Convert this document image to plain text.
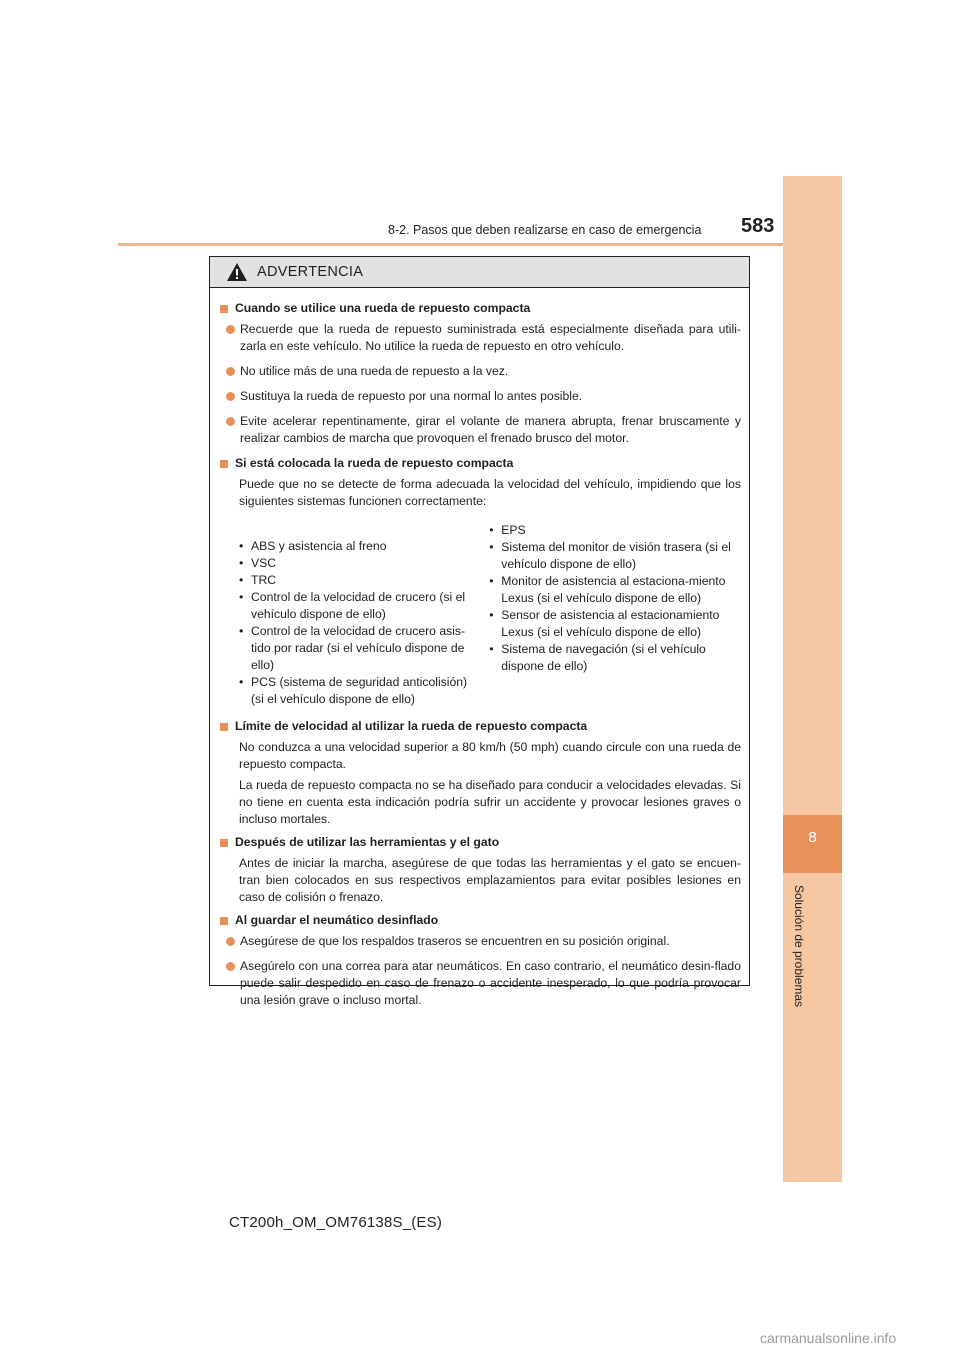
8
Solución de problemas
8-2. Pasos que deben realizarse en caso de emergencia 583
ADVERTENCIA
Cuando se utilice una rueda de repuesto compacta
Recuerde que la rueda de repuesto suministrada está especialmente diseñada para utili-zarla en este vehículo. No utilice la rueda de repuesto en otro vehículo.
No utilice más de una rueda de repuesto a la vez.
Sustituya la rueda de repuesto por una normal lo antes posible.
Evite acelerar repentinamente, girar el volante de manera abrupta, frenar bruscamente y realizar cambios de marcha que provoquen el frenado brusco del motor.
Si está colocada la rueda de repuesto compacta
Puede que no se detecte de forma adecuada la velocidad del vehículo, impidiendo que los siguientes sistemas funcionen correctamente:
• ABS y asistencia al freno
• VSC
• TRC
• Control de la velocidad de crucero (si el vehículo dispone de ello)
• Control de la velocidad de crucero asis-tido por radar (si el vehículo dispone de ello)
• PCS (sistema de seguridad anticolisión) (si el vehículo dispone de ello)
• EPS
• Sistema del monitor de visión trasera (si el vehículo dispone de ello)
• Monitor de asistencia al estaciona-miento Lexus (si el vehículo dispone de ello)
• Sensor de asistencia al estacionamiento Lexus (si el vehículo dispone de ello)
• Sistema de navegación (si el vehículo dispone de ello)
Límite de velocidad al utilizar la rueda de repuesto compacta
No conduzca a una velocidad superior a 80 km/h (50 mph) cuando circule con una rueda de repuesto compacta.
La rueda de repuesto compacta no se ha diseñado para conducir a velocidades elevadas. Si no tiene en cuenta esta indicación podría sufrir un accidente y provocar lesiones graves o incluso mortales.
Después de utilizar las herramientas y el gato
Antes de iniciar la marcha, asegúrese de que todas las herramientas y el gato se encuen-tran bien colocados en sus respectivos emplazamientos para evitar posibles lesiones en caso de colisión o frenazo.
Al guardar el neumático desinflado
Asegúrese de que los respaldos traseros se encuentren en su posición original.
Asegúrelo con una correa para atar neumáticos. En caso contrario, el neumático desin-flado puede salir despedido en caso de frenazo o accidente inesperado, lo que podría provocar una lesión grave o incluso mortal.
CT200h_OM_OM76138S_(ES)
carmanualsonline.info
